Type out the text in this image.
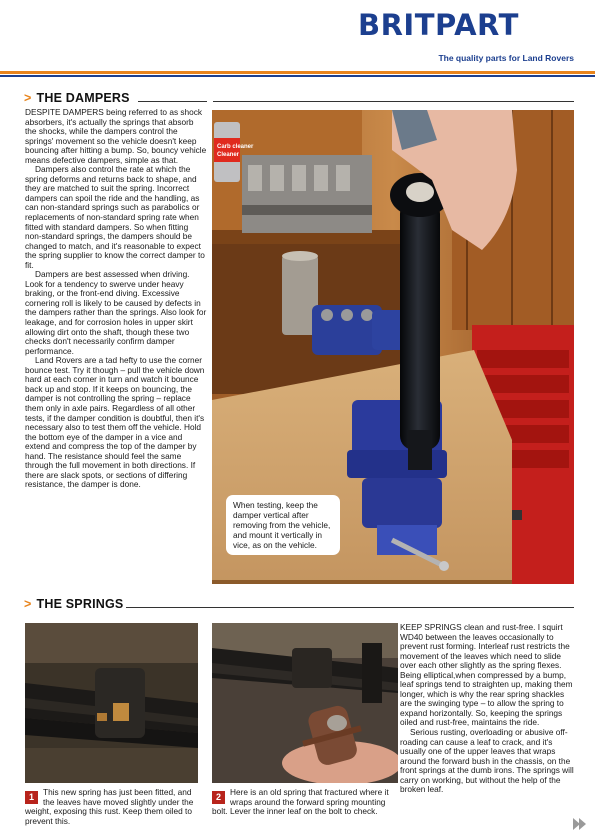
BRITPART
The quality parts for Land Rovers
> THE DAMPERS

DESPITE DAMPERS being referred to as shock absorbers, it's actually the springs that absorb the shocks, while the dampers control the springs' movement so the vehicle doesn't keep bouncing after hitting a bump. So, bouncy vehicle means defective dampers, simple as that.

Dampers also control the rate at which the spring deforms and returns back to shape, and they are matched to suit the spring. Incorrect dampers can spoil the ride and the handling, as can non-standard springs such as parabolics or replacements of non-standard spring rate when fitted with standard dampers. So when fitting non-standard springs, the dampers should be changed to match, and it's reasonable to expect the spring supplier to know the correct damper to fit.

Dampers are best assessed when driving. Look for a tendency to swerve under heavy braking, or the front-end diving. Excessive cornering roll is likely to be caused by defects in the dampers rather than the springs. Also look for leakage, and for corrosion holes in upper skirt allowing dirt onto the shaft, though these two checks don't necessarily confirm damper performance.

Land Rovers are a tad hefty to use the corner bounce test. Try it though – pull the vehicle down hard at each corner in turn and watch it bounce back up and stop. If it keeps on bouncing, the damper is not controlling the spring – replace them only in axle pairs. Regardless of all other tests, if the damper condition is doubtful, then it's necessary also to test them off the vehicle. Hold the bottom eye of the damper in a vice and extend and compress the top of the damper by hand. The resistance should feel the same through the full movement in both directions. If there are slack spots, or sections of differing resistance, the damper is done.

Carb cleaner
Cleaner
When testing, keep the damper vertical after removing from the vehicle, and mount it vertically in vice, as on the vehicle.
> THE SPRINGS
1	This new spring has just been fitted, and the leaves have moved slightly under the weight, exposing this rust. Keep them oiled to prevent this.
2	Here is an old spring that fractured where it wraps around the forward spring mounting bolt. Lever the inner leaf on the bolt to check.

KEEP SPRINGS clean and rust-free. I squirt WD40 between the leaves occasionally to prevent rust forming. Interleaf rust restricts the movement of the leaves which need to slide over each other slightly as the spring flexes. Being elliptical,when compressed by a bump, leaf springs tend to straighten up, making them longer, which is why the rear spring shackles are the swinging type – to allow the spring to expand horizontally. So, keeping the springs oiled and rust-free, maintains the ride.

Serious rusting, overloading or abusive off-roading can cause a leaf to crack, and it's usually one of the upper leaves that wraps around the forward bush in the chassis, on the front springs at the dumb irons. The springs will carry on working, but without the help of the broken leaf.
